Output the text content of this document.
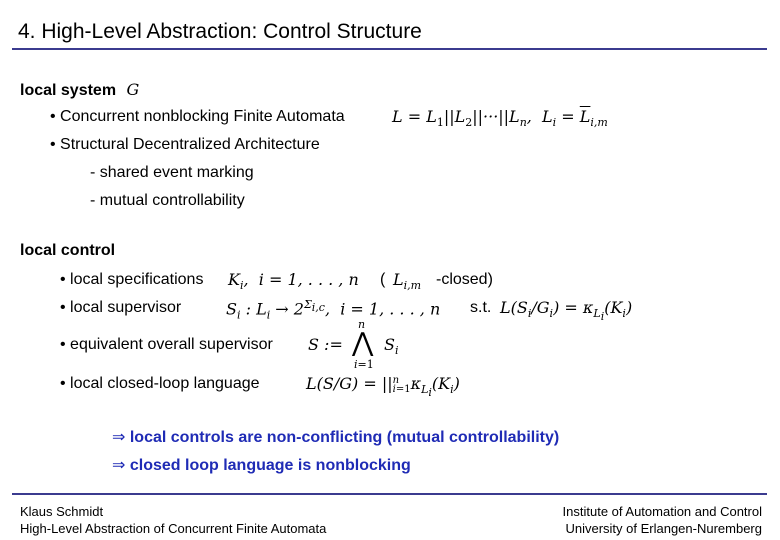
4. High-Level Abstraction: Control Structure
local system G
• Concurrent nonblocking Finite Automata	$L = L_1||L_2||\cdot\cdot\cdot||L_n$,  $L_i = \overline{L}_{i,m}$
• Structural Decentralized Architecture
- shared event marking
- mutual controllability
local control
• local specifications $K_i$,  i = 1, . . . , n ( $L_{i,m}$ -closed)
• local supervisor	$S_i$ : $L_i \to 2^{\Sigma_{i,c}}$,  i = 1, . . . , n s.t. $L(S_i/G_i) = \kappa_{L_i}(K_i)$
• equivalent overall supervisor S :=
n
⋀
i=1
$S_i$
• local closed-loop language	L(S/G) = ||n
$i=1\kappa_{L_i}(K_i)$
⇒ local controls are non-conflicting (mutual controllability)
⇒ closed loop language is nonblocking
Klaus Schmidt
High-Level Abstraction of Concurrent Finite Automata
Institute of Automation and Control
University of Erlangen-Nuremberg
